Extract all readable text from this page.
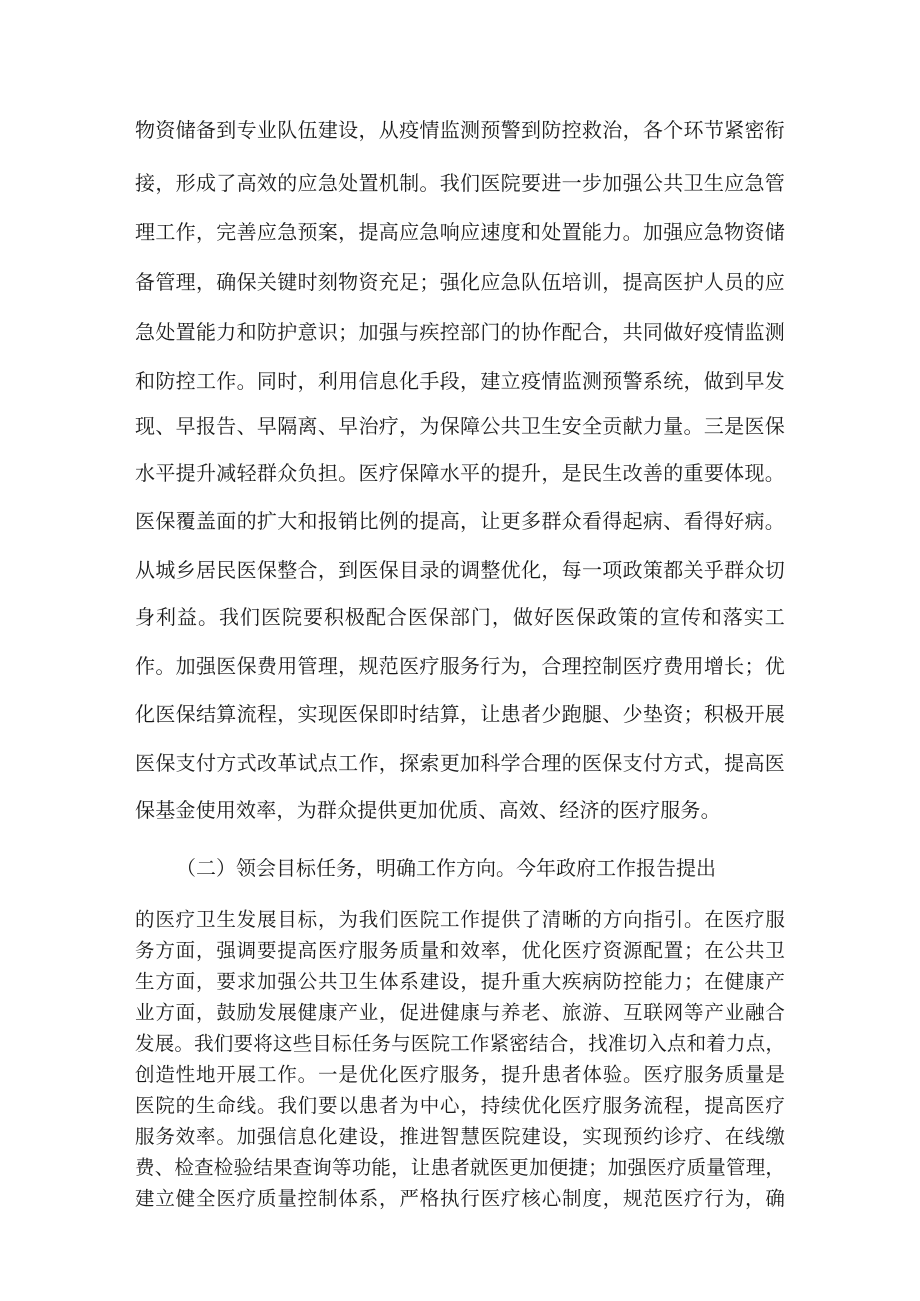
物资储备到专业队伍建设，从疫情监测预警到防控救治，各个环节紧密衔
接，形成了高效的应急处置机制。我们医院要进一步加强公共卫生应急管
理工作，完善应急预案，提高应急响应速度和处置能力。加强应急物资储
备管理，确保关键时刻物资充足；强化应急队伍培训，提高医护人员的应
急处置能力和防护意识；加强与疾控部门的协作配合，共同做好疫情监测
和防控工作。同时，利用信息化手段，建立疫情监测预警系统，做到早发
现、早报告、早隔离、早治疗，为保障公共卫生安全贡献力量。三是医保
水平提升减轻群众负担。医疗保障水平的提升，是民生改善的重要体现。
医保覆盖面的扩大和报销比例的提高，让更多群众看得起病、看得好病。
从城乡居民医保整合，到医保目录的调整优化，每一项政策都关乎群众切
身利益。我们医院要积极配合医保部门，做好医保政策的宣传和落实工
作。加强医保费用管理，规范医疗服务行为，合理控制医疗费用增长；优
化医保结算流程，实现医保即时结算，让患者少跑腿、少垫资；积极开展
医保支付方式改革试点工作，探索更加科学合理的医保支付方式，提高医
保基金使用效率，为群众提供更加优质、高效、经济的医疗服务。
（二）领会目标任务，明确工作方向。今年政府工作报告提出
的医疗卫生发展目标，为我们医院工作提供了清晰的方向指引。在医疗服
务方面，强调要提高医疗服务质量和效率，优化医疗资源配置；在公共卫
生方面，要求加强公共卫生体系建设，提升重大疾病防控能力；在健康产
业方面，鼓励发展健康产业，促进健康与养老、旅游、互联网等产业融合
发展。我们要将这些目标任务与医院工作紧密结合，找准切入点和着力点，
创造性地开展工作。一是优化医疗服务，提升患者体验。医疗服务质量是
医院的生命线。我们要以患者为中心，持续优化医疗服务流程，提高医疗
服务效率。加强信息化建设，推进智慧医院建设，实现预约诊疗、在线缴
费、检查检验结果查询等功能，让患者就医更加便捷；加强医疗质量管理，
建立健全医疗质量控制体系，严格执行医疗核心制度，规范医疗行为，确
